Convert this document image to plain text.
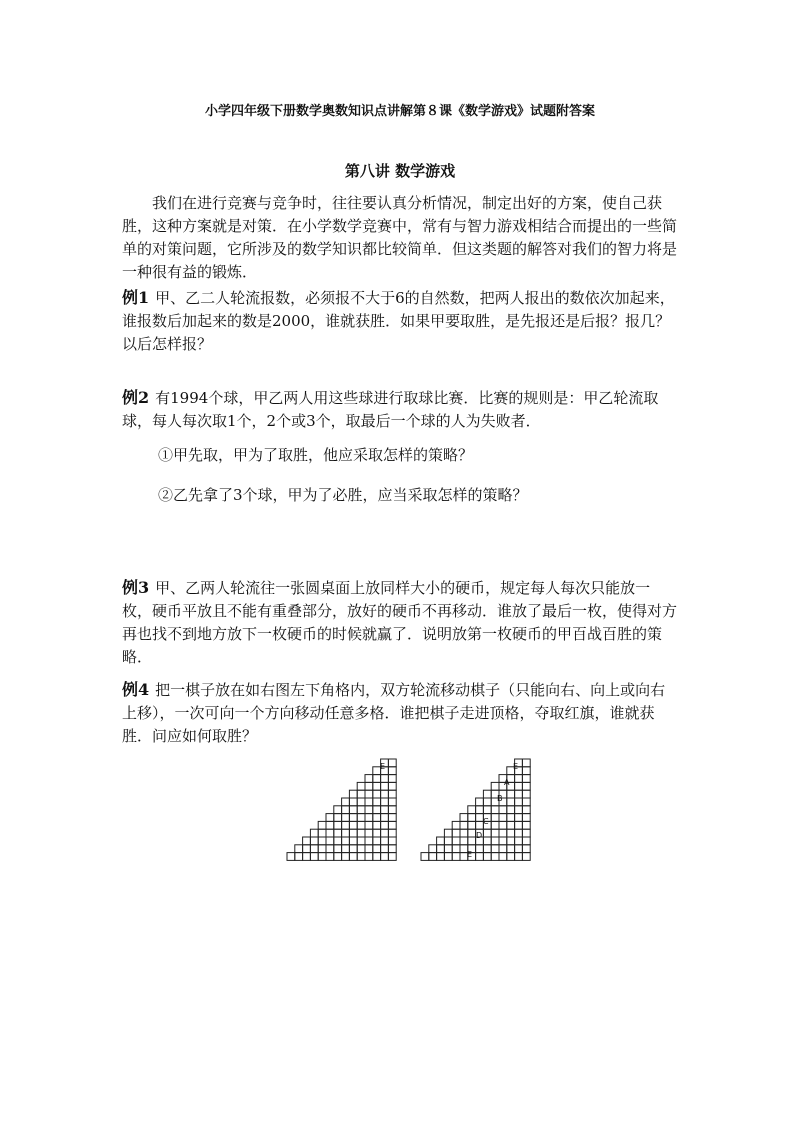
小学四年级下册数学奥数知识点讲解第８课《数学游戏》试题附答案
第八讲 数学游戏
我们在进行竞赛与竞争时，往往要认真分析情况，制定出好的方案，使自己获胜，这种方案就是对策．在小学数学竞赛中，常有与智力游戏相结合而提出的一些简单的对策问题，它所涉及的数学知识都比较简单．但这类题的解答对我们的智力将是一种很有益的锻炼．
例1 甲、乙二人轮流报数，必须报不大于6的自然数，把两人报出的数依次加起来，谁报数后加起来的数是2000，谁就获胜．如果甲要取胜，是先报还是后报？报几？以后怎样报？
例2 有1994个球，甲乙两人用这些球进行取球比赛．比赛的规则是：甲乙轮流取球，每人每次取1个，2个或3个，取最后一个球的人为失败者．
①甲先取，甲为了取胜，他应采取怎样的策略？
②乙先拿了3个球，甲为了必胜，应当采取怎样的策略？
例3 甲、乙两人轮流往一张圆桌面上放同样大小的硬币，规定每人每次只能放一枚，硬币平放且不能有重叠部分，放好的硬币不再移动．谁放了最后一枚，使得对方再也找不到地方放下一枚硬币的时候就赢了．说明放第一枚硬币的甲百战百胜的策略．
例4 把一棋子放在如右图左下角格内，双方轮流移动棋子（只能向右、向上或向右上移），一次可向一个方向移动任意多格．谁把棋子走进顶格，夺取红旗，谁就获胜．问应如何取胜？
E	E
A
B
C
D
E
